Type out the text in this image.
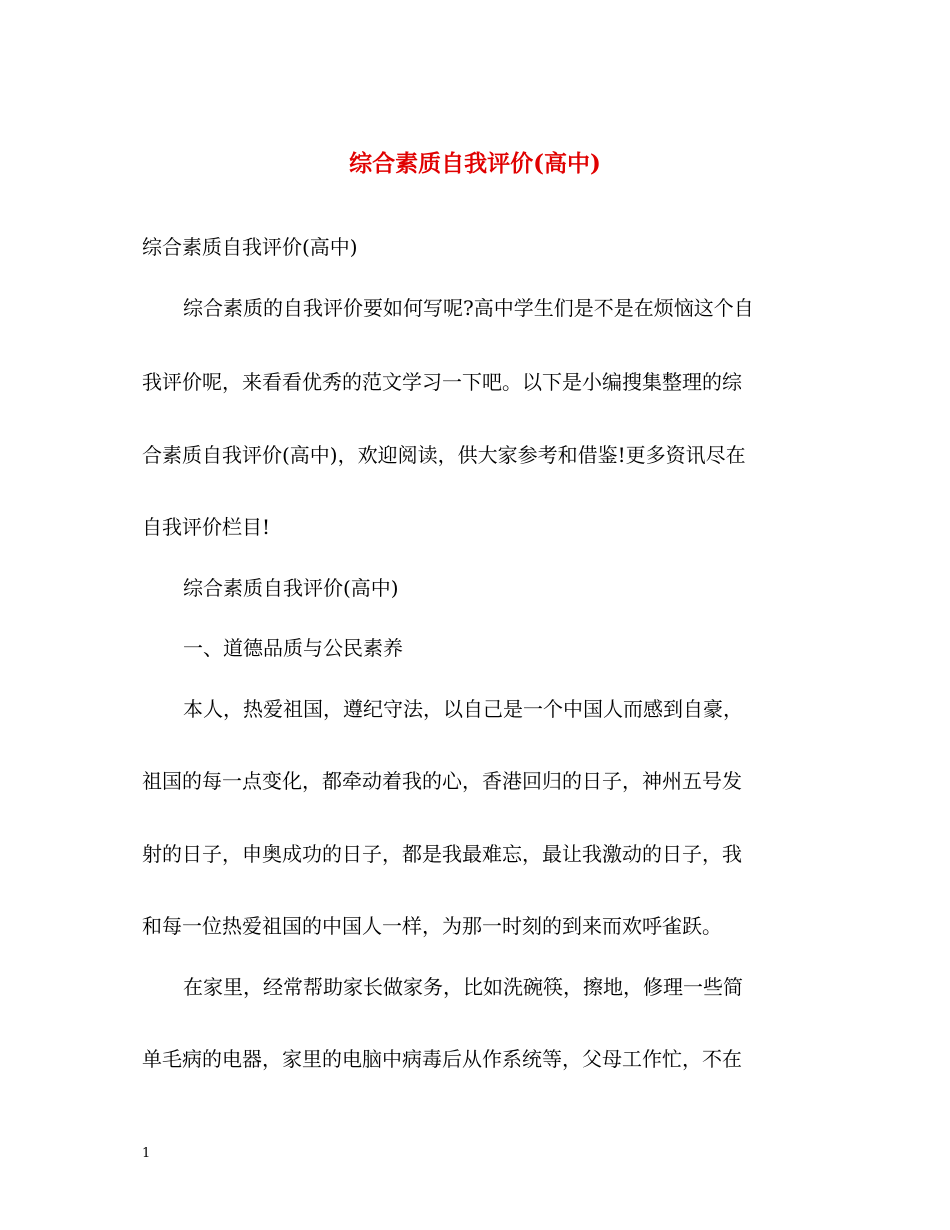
综合素质自我评价(高中)

综合素质自我评价(高中)

综合素质的自我评价要如何写呢?高中学生们是不是在烦恼这个自

我评价呢，来看看优秀的范文学习一下吧。以下是小编搜集整理的综

合素质自我评价(高中)，欢迎阅读，供大家参考和借鉴!更多资讯尽在

自我评价栏目!

综合素质自我评价(高中)

一、道德品质与公民素养

本人，热爱祖国，遵纪守法，以自己是一个中国人而感到自豪，

祖国的每一点变化，都牵动着我的心，香港回归的日子，神州五号发

射的日子，申奥成功的日子，都是我最难忘，最让我激动的日子，我

和每一位热爱祖国的中国人一样，为那一时刻的到来而欢呼雀跃。

在家里，经常帮助家长做家务，比如洗碗筷，擦地，修理一些简

单毛病的电器，家里的电脑中病毒后从作系统等，父母工作忙，不在

1
